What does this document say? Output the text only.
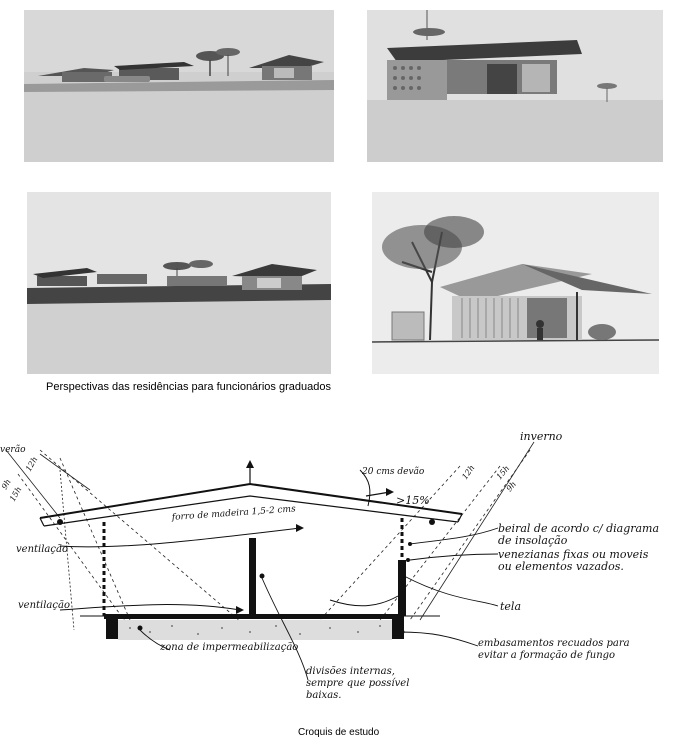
Perspectivas das residências para funcionários graduados
verão
inverno
12h
9h
15h
12h 15h
9h
20 cms devão
>15%
forro de madeira 1,5-2 cms
ventilação
ventilação
beiral de acordo c/ diagrama
de insolação
venezianas fixas ou moveis
ou elementos vazados.
tela
zona de impermeabilização	embasamentos recuados para
evitar a formação de fungo
divisões internas,
sempre que possível
baixas.
Croquis de estudo
